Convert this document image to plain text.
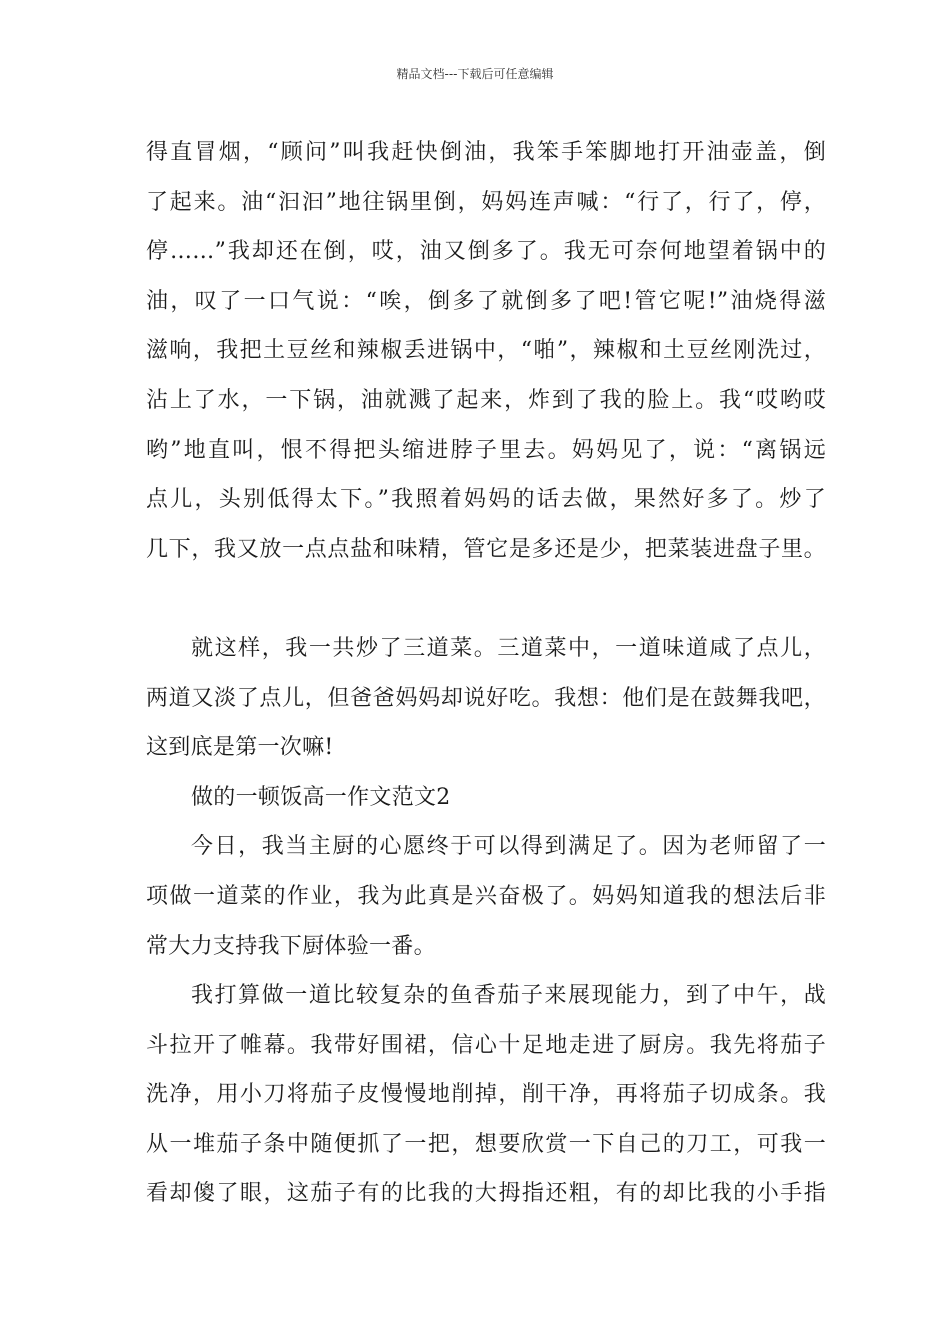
精品文档---下载后可任意编辑
得直冒烟，“顾问”叫我赶快倒油，我笨手笨脚地打开油壶盖，倒
了起来。油“汩汩”地往锅里倒，妈妈连声喊：“行了，行了，停，
停……”我却还在倒，哎，油又倒多了。我无可奈何地望着锅中的
油，叹了一口气说：“唉，倒多了就倒多了吧!管它呢!”油烧得滋
滋响，我把土豆丝和辣椒丢进锅中，“啪”，辣椒和土豆丝刚洗过，
沾上了水，一下锅，油就溅了起来，炸到了我的脸上。我“哎哟哎
哟”地直叫，恨不得把头缩进脖子里去。妈妈见了，说：“离锅远
点儿，头别低得太下。”我照着妈妈的话去做，果然好多了。炒了
几下，我又放一点点盐和味精，管它是多还是少，把菜装进盘子里。
就这样，我一共炒了三道菜。三道菜中，一道味道咸了点儿，
两道又淡了点儿，但爸爸妈妈却说好吃。我想：他们是在鼓舞我吧，
这到底是第一次嘛!
做的一顿饭高一作文范文2
今日，我当主厨的心愿终于可以得到满足了。因为老师留了一
项做一道菜的作业，我为此真是兴奋极了。妈妈知道我的想法后非
常大力支持我下厨体验一番。
我打算做一道比较复杂的鱼香茄子来展现能力，到了中午，战
斗拉开了帷幕。我带好围裙，信心十足地走进了厨房。我先将茄子
洗净，用小刀将茄子皮慢慢地削掉，削干净，再将茄子切成条。我
从一堆茄子条中随便抓了一把，想要欣赏一下自己的刀工，可我一
看却傻了眼，这茄子有的比我的大拇指还粗，有的却比我的小手指
